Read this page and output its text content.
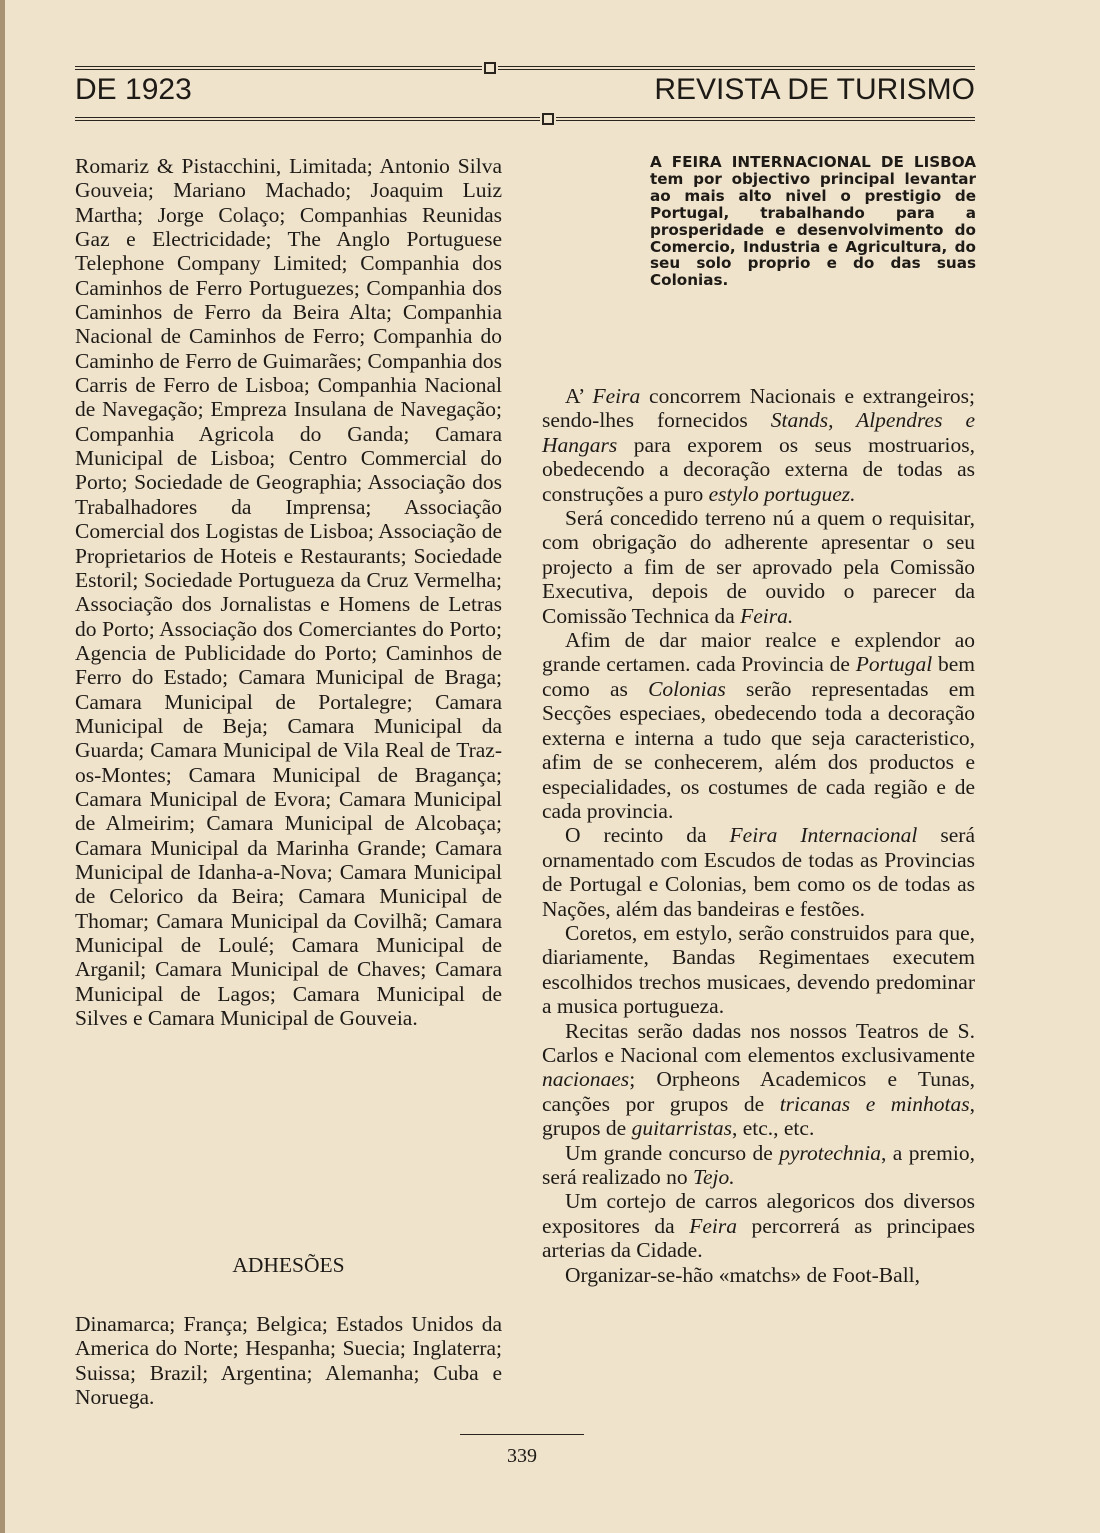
DE 1923	REVISTA DE TURISMO

Romariz & Pistacchini, Limitada; Antonio Silva Gouveia; Mariano Machado; Joaquim Luiz Martha; Jorge Colaço; Companhias Reunidas Gaz e Electricidade; The Anglo Portuguese Telephone Company Limited; Companhia dos Caminhos de Ferro Portuguezes; Companhia dos Caminhos de Ferro da Beira Alta; Companhia Nacional de Caminhos de Ferro; Companhia do Caminho de Ferro de Guimarães; Companhia dos Carris de Ferro de Lisboa; Companhia Nacional de Navegação; Empreza Insulana de Navegação; Companhia Agricola do Ganda; Camara Municipal de Lisboa; Centro Commercial do Porto; Sociedade de Geographia; Associação dos Trabalhadores da Imprensa; Associação Comercial dos Logistas de Lisboa; Associação de Proprietarios de Hoteis e Restaurants; Sociedade Estoril; Sociedade Portugueza da Cruz Vermelha; Associação dos Jornalistas e Homens de Letras do Porto; Associação dos Comerciantes do Porto; Agencia de Publicidade do Porto; Caminhos de Ferro do Estado; Camara Municipal de Braga; Camara Municipal de Portalegre; Camara Municipal de Beja; Camara Municipal da Guarda; Camara Municipal de Vila Real de Traz-os-Montes; Camara Municipal de Bragança; Camara Municipal de Evora; Camara Municipal de Almeirim; Camara Municipal de Alcobaça; Camara Municipal da Marinha Grande; Camara Municipal de Idanha-a-Nova; Camara Municipal de Celorico da Beira; Camara Municipal de Thomar; Camara Municipal da Covilhã; Camara Municipal de Loulé; Camara Municipal de Arganil; Camara Municipal de Chaves; Camara Municipal de Lagos; Camara Municipal de Silves e Camara Municipal de Gouveia.

ADHESÕES

Dinamarca; França; Belgica; Estados Unidos da America do Norte; Hespanha; Suecia; Inglaterra; Suissa; Brazil; Argentina; Alemanha; Cuba e Noruega.

A FEIRA INTERNACIONAL DE LISBOA tem por objectivo principal levantar ao mais alto nivel o prestigio de Portugal, trabalhando para a prosperidade e desenvolvimento do Comercio, Industria e Agricultura, do seu solo proprio e do das suas Colonias.

A’ Feira concorrem Nacionais e extrangeiros; sendo-lhes fornecidos Stands, Alpendres e Hangars para exporem os seus mostruarios, obedecendo a decoração externa de todas as construções a puro estylo portuguez.

Será concedido terreno nú a quem o requisitar, com obrigação do adherente apresentar o seu projecto a fim de ser aprovado pela Comissão Executiva, depois de ouvido o parecer da Comissão Technica da Feira.

Afim de dar maior realce e explendor ao grande certamen. cada Provincia de Portugal bem como as Colonias serão representadas em Secções especiaes, obedecendo toda a decoração externa e interna a tudo que seja caracteristico, afim de se conhecerem, além dos productos e especialidades, os costumes de cada região e de cada provincia.

O recinto da Feira Internacional será ornamentado com Escudos de todas as Provincias de Portugal e Colonias, bem como os de todas as Nações, além das bandeiras e festões.

Coretos, em estylo, serão construidos para que, diariamente, Bandas Regimentaes executem escolhidos trechos musicaes, devendo predominar a musica portugueza.

Recitas serão dadas nos nossos Teatros de S. Carlos e Nacional com elementos exclusivamente nacionaes; Orpheons Academicos e Tunas, canções por grupos de tricanas e minhotas, grupos de guitarristas, etc., etc.

Um grande concurso de pyrotechnia, a premio, será realizado no Tejo.

Um cortejo de carros alegoricos dos diversos expositores da Feira percorrerá as principaes arterias da Cidade.

Organizar-se-hão «matchs» de Foot-Ball,

339
